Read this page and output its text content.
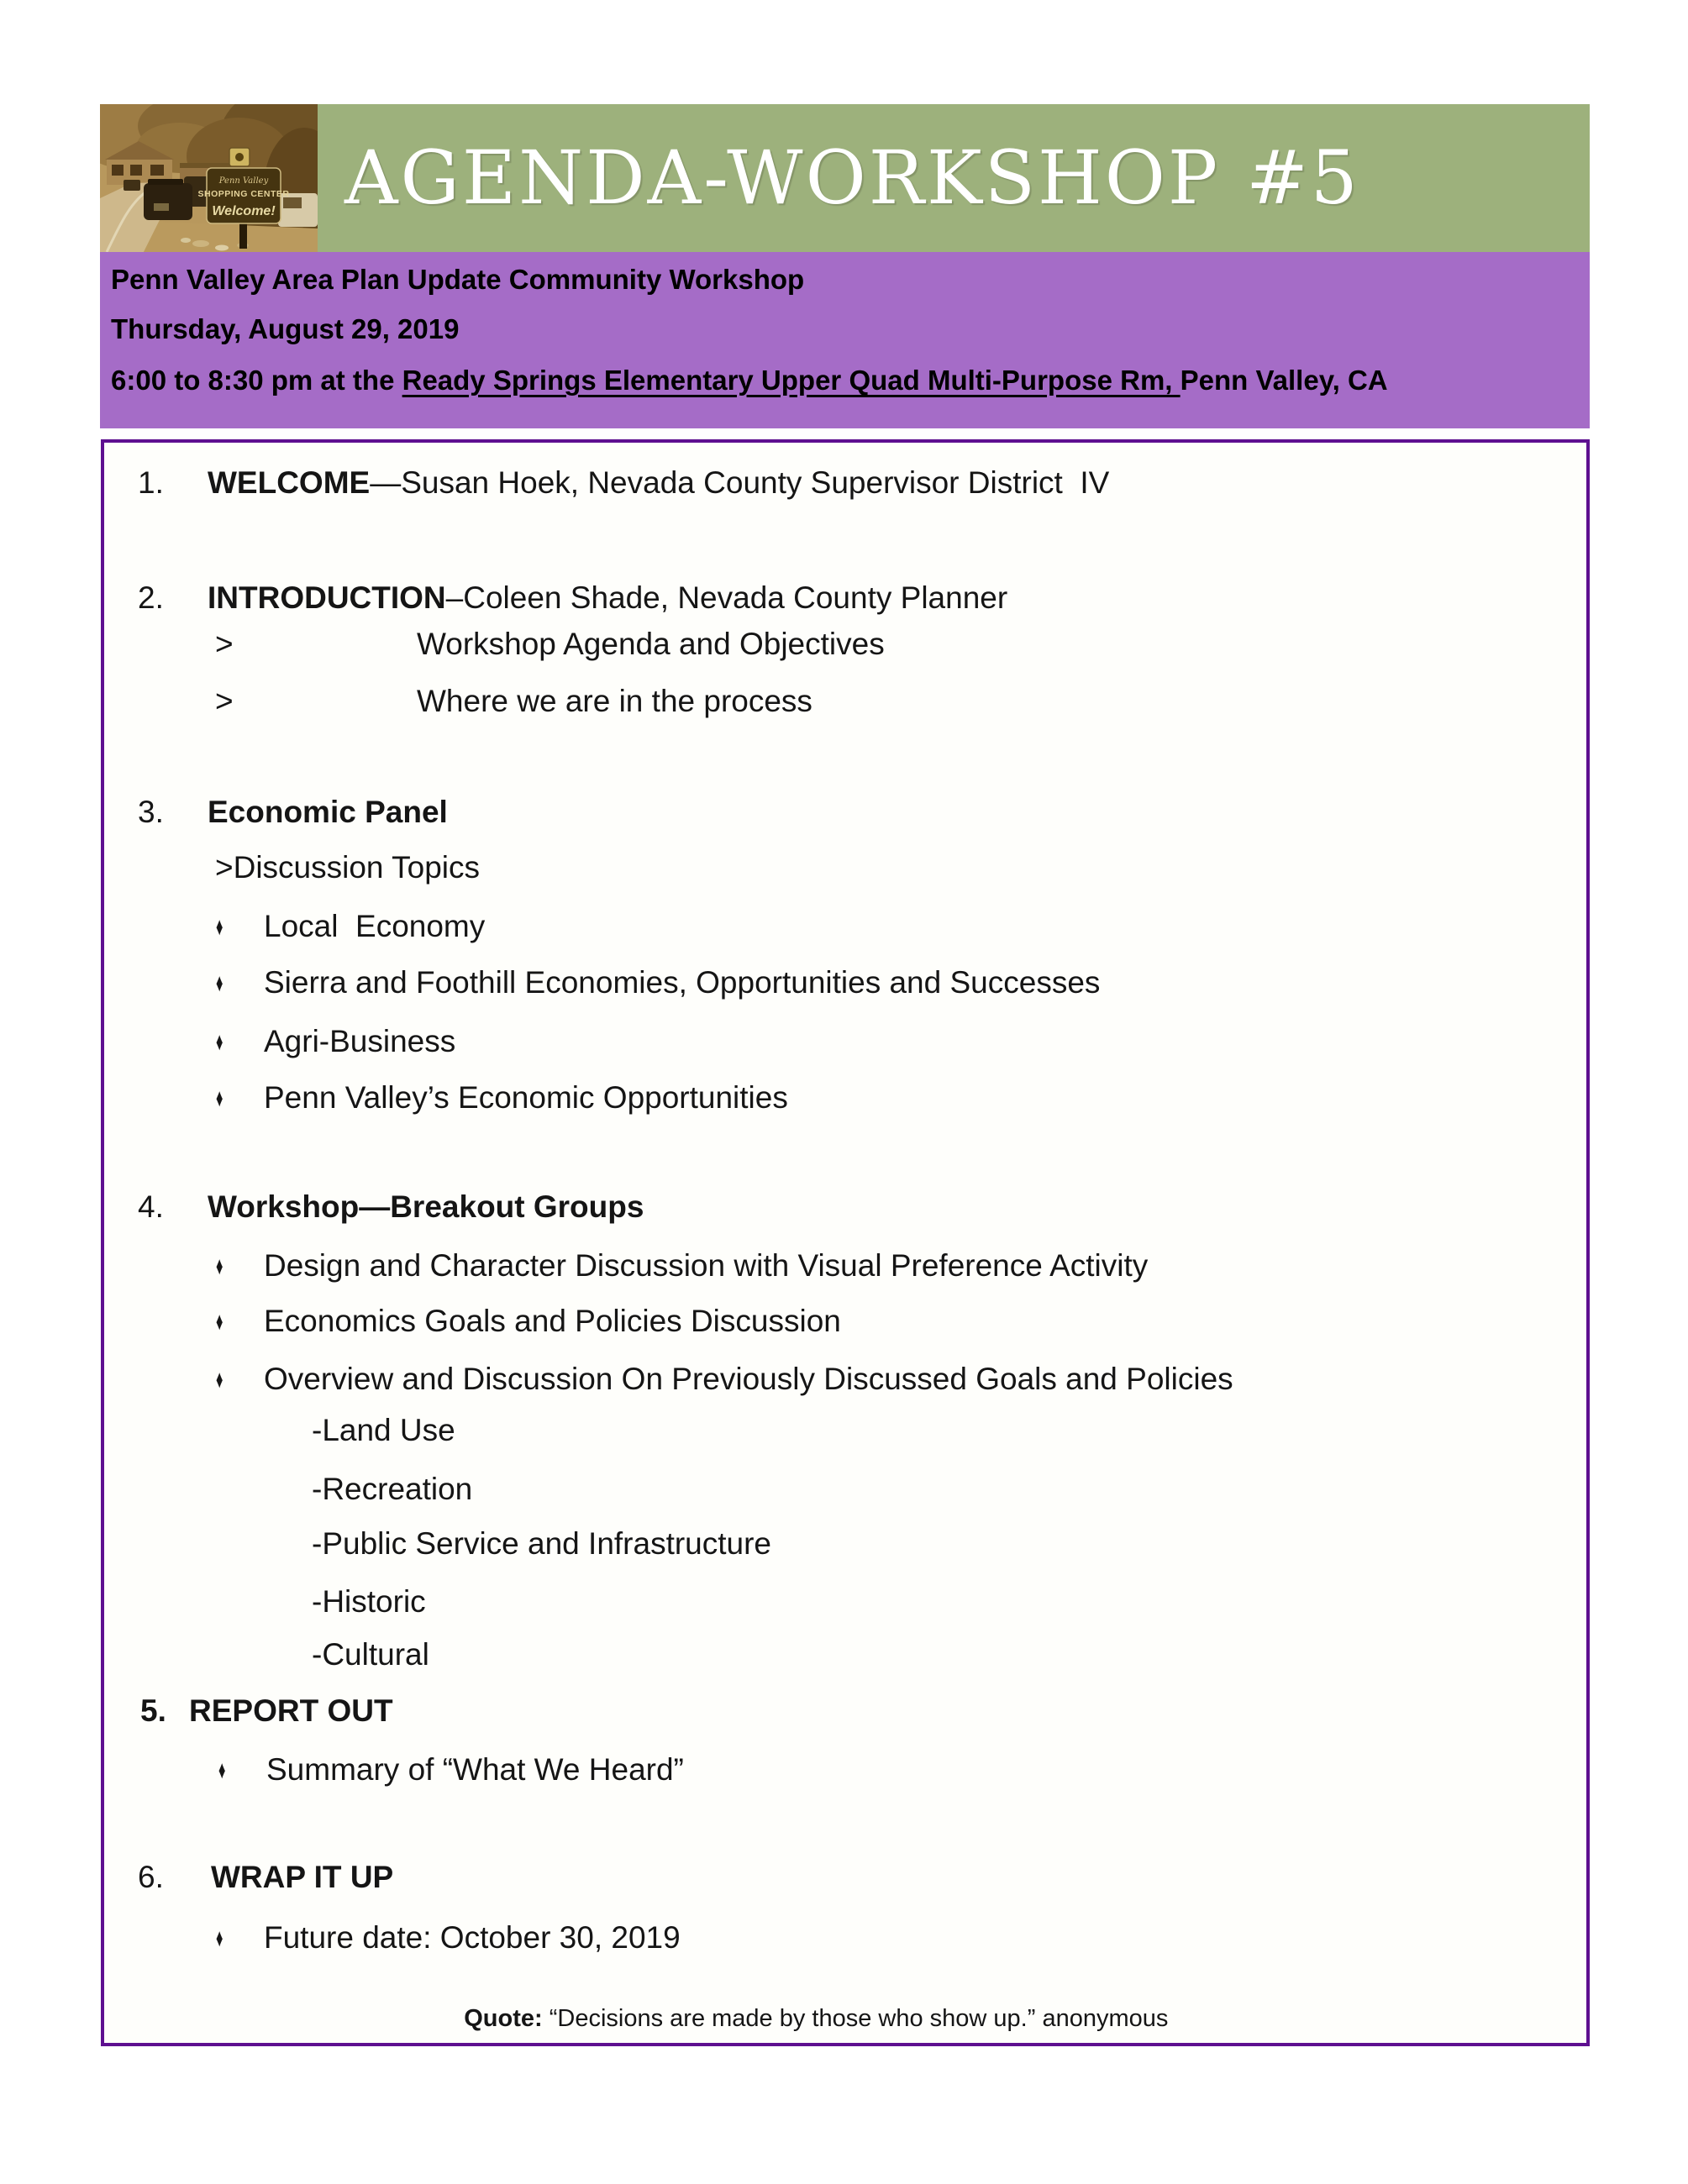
AGENDA-WORKSHOP #5
Penn Valley Area Plan Update Community Workshop
Thursday, August 29, 2019
6:00 to 8:30 pm at the Ready Springs Elementary Upper Quad Multi-Purpose Rm, Penn Valley, CA

1.

WELCOME—Susan Hoek, Nevada County Supervisor District  IV

2.

INTRODUCTION–Coleen Shade, Nevada County Planner

>

	Workshop Agenda and Objectives

>

	Where we are in the process

3.

Economic Panel

>Discussion Topics

♦

Local  Economy

♦

Sierra and Foothill Economies, Opportunities and Successes

♦

Agri-Business

♦

Penn Valley’s Economic Opportunities

4.

Workshop—Breakout Groups

♦

Design and Character Discussion with Visual Preference Activity

♦

Economics Goals and Policies Discussion

♦

Overview and Discussion On Previously Discussed Goals and Policies

-Land Use
-Recreation
-Public Service and Infrastructure
-Historic
-Cultural

5.

REPORT OUT

♦

Summary of “What We Heard”

6.

WRAP IT UP

♦

Future date: October 30, 2019

Quote: “Decisions are made by those who show up.” anonymous
